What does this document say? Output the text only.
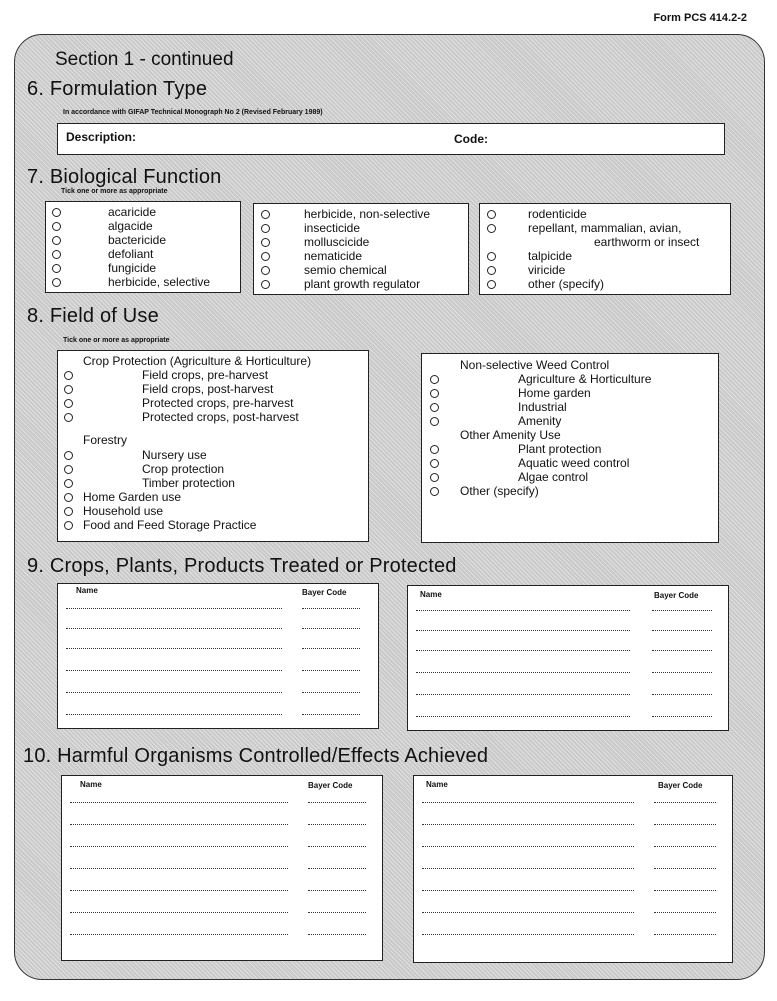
Form PCS 414.2-2
Section 1 - continued
6. Formulation Type
In accordance with GIFAP Technical Monograph No 2 (Revised February 1989)
Description:	Code:
7. Biological Function
Tick one or more as appropriate
acaricide
algacide
bactericide
defoliant
fungicide
herbicide, selective
herbicide, non-selective
insecticide
molluscicide
nematicide
semio chemical
plant growth regulator
rodenticide
repellant, mammalian, avian,
earthworm or insect
talpicide
viricide
other (specify)
8. Field of Use
Tick one or more as appropriate
Crop Protection (Agriculture & Horticulture)
Field crops, pre-harvest
Field crops, post-harvest
Protected crops, pre-harvest
Protected crops, post-harvest
Forestry
Nursery use
Crop protection
Timber protection
Home Garden use
Household use
Food and Feed Storage Practice
Non-selective Weed Control
Agriculture & Horticulture
Home garden
Industrial
Amenity
Other Amenity Use
Plant protection
Aquatic weed control
Algae control
Other (specify)
9. Crops, Plants, Products Treated or Protected
Name	Bayer Code	Name	Bayer Code
10. Harmful Organisms Controlled/Effects Achieved
Name	Bayer Code	Name	Bayer Code
